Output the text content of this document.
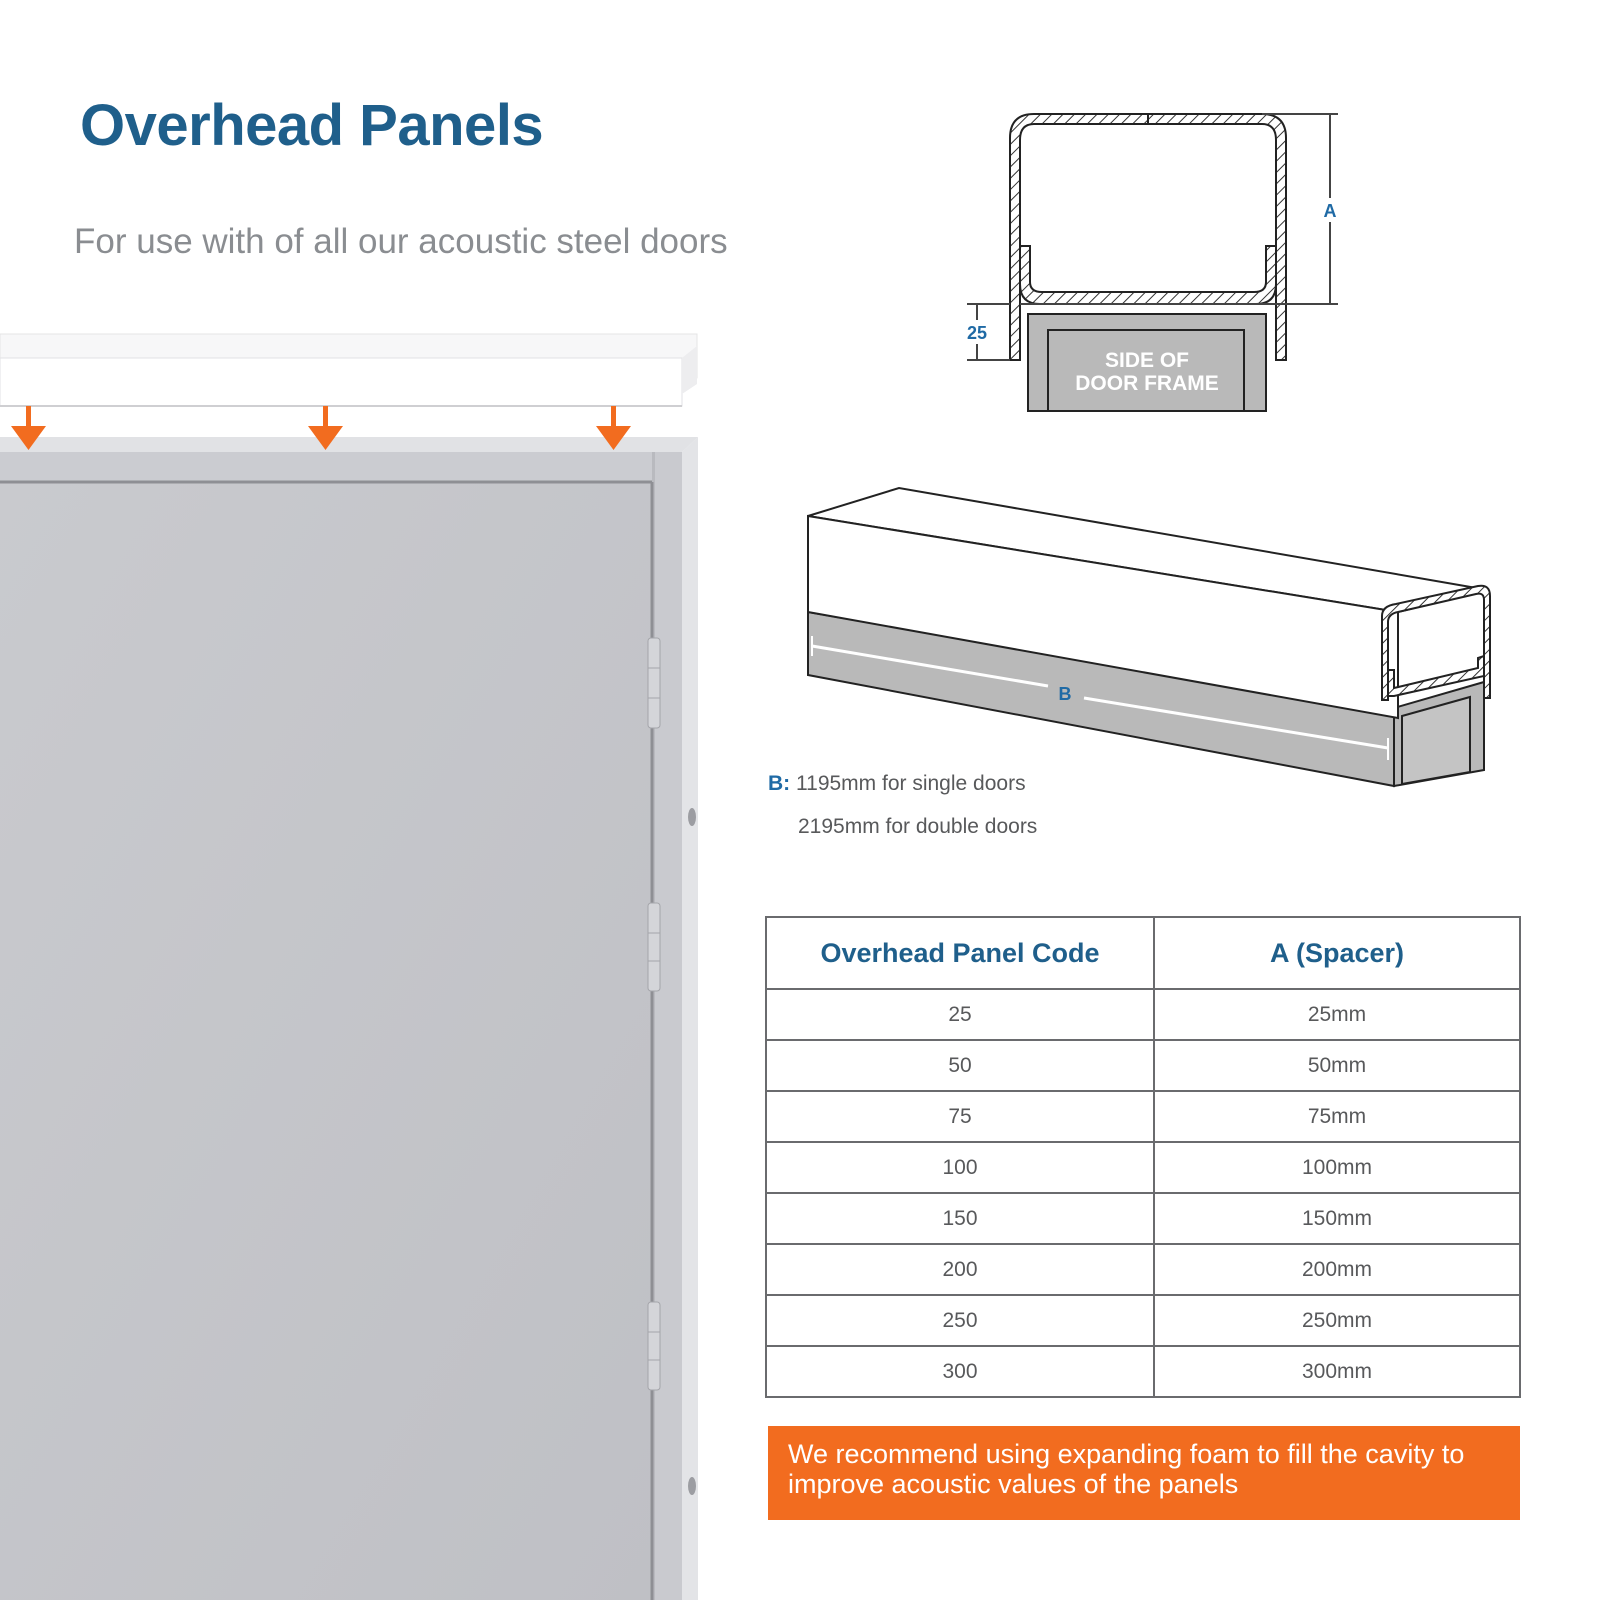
SIDE OF
DOOR FRAME
A
25
B
Overhead Panels
For use with of all our acoustic steel doors
B: 1195mm for single doors
2195mm for double doors
Overhead Panel Code	A (Spacer)
25	25mm
50	50mm
75	75mm
100	100mm
150	150mm
200	200mm
250	250mm
300	300mm
We recommend using expanding foam to fill the cavity to improve acoustic values of the panels
